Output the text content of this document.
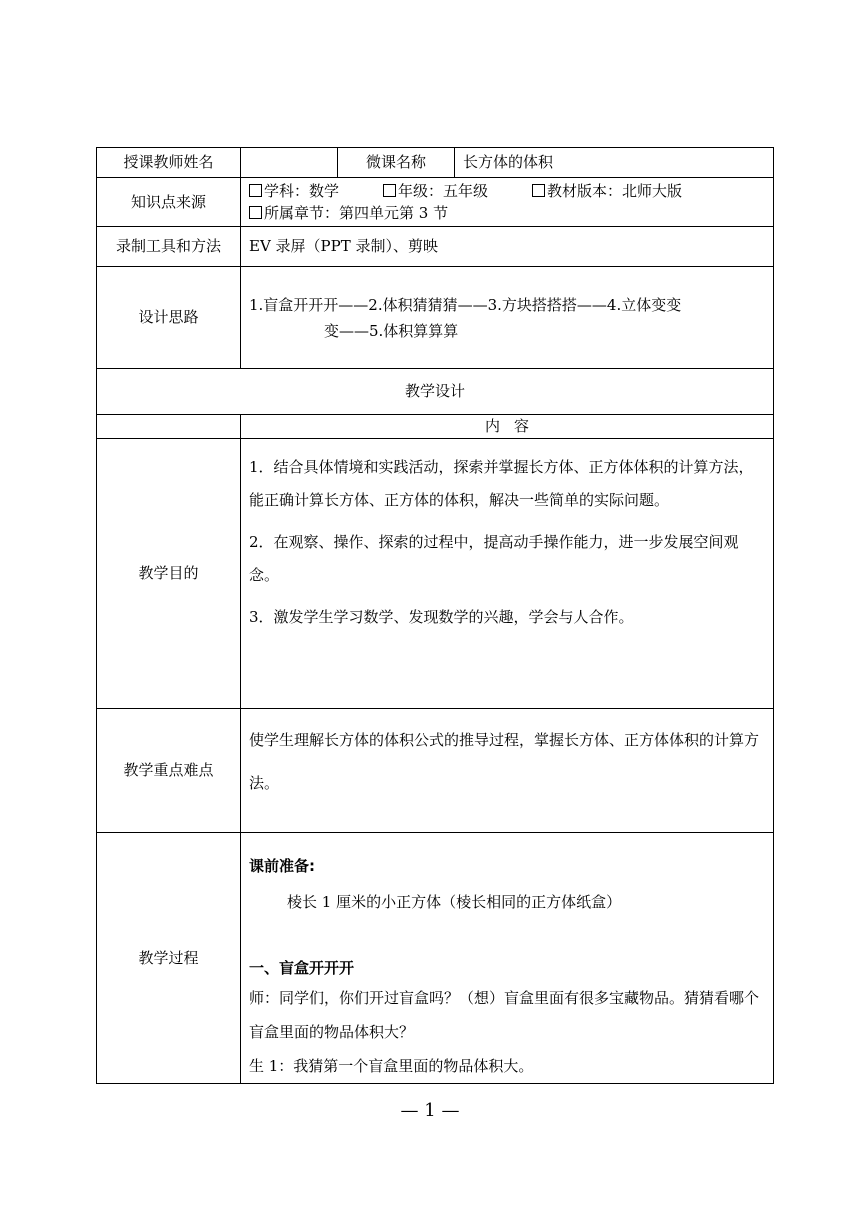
授课教师姓名		微课名称	长方体的体积
知识点来源	学科：数学 年级：五年级 教材版本：北师大版
所属章节：第四单元第 3 节		
录制工具和方法	EV 录屏（PPT 录制）、剪映		
设计思路	1.盲盒开开开——2.体积猜猜猜——3.方块搭搭搭——4.立体变变
变——5.体积算算算		

教学设计			
	内容		
教学目的	1．结合具体情境和实践活动，探索并掌握长方体、正方体体积的计算方法，能正确计算长方体、正方体的体积，解决一些简单的实际问题。

2．在观察、操作、探索的过程中，提高动手操作能力，进一步发展空间观念。

3．激发学生学习数学、发现数学的兴趣，学会与人合作。		

教学重点难点	使学生理解长方体的体积公式的推导过程，掌握长方体、正方体体积的计算方法。		

教学过程	课前准备:
棱长 1 厘米的小正方体（棱长相同的正方体纸盒）
一、盲盒开开开
师：同学们，你们开过盲盒吗？（想）盲盒里面有很多宝藏物品。猜猜看哪个盲盒里面的物品体积大？
生 1：我猜第一个盲盒里面的物品体积大。		
— 1 —
